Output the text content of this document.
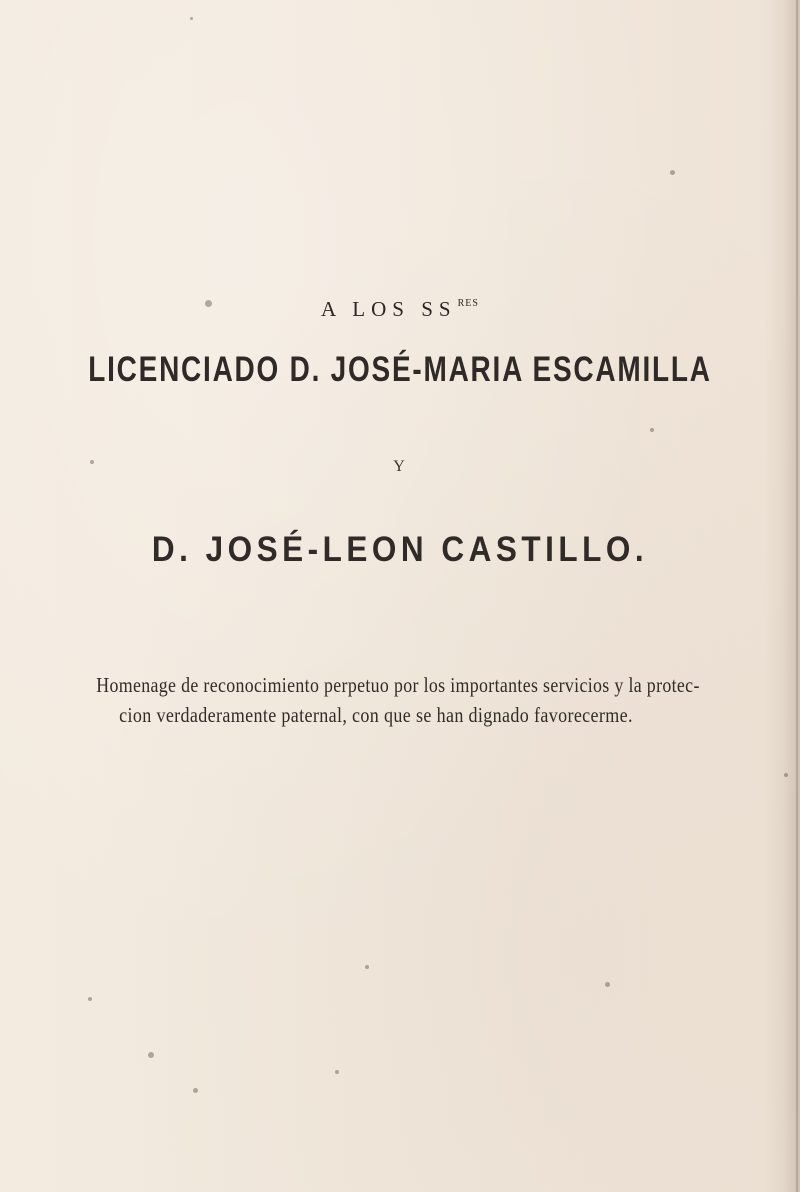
A LOS $SS^{RES}$
LICENCIADO D. JOSÉ-MARIA ESCAMILLA
Y
D. JOSÉ-LEON CASTILLO.
Homenage de reconocimiento perpetuo por los importantes servicios y la protec-
cion verdaderamente paternal, con que se han dignado favorecerme.
